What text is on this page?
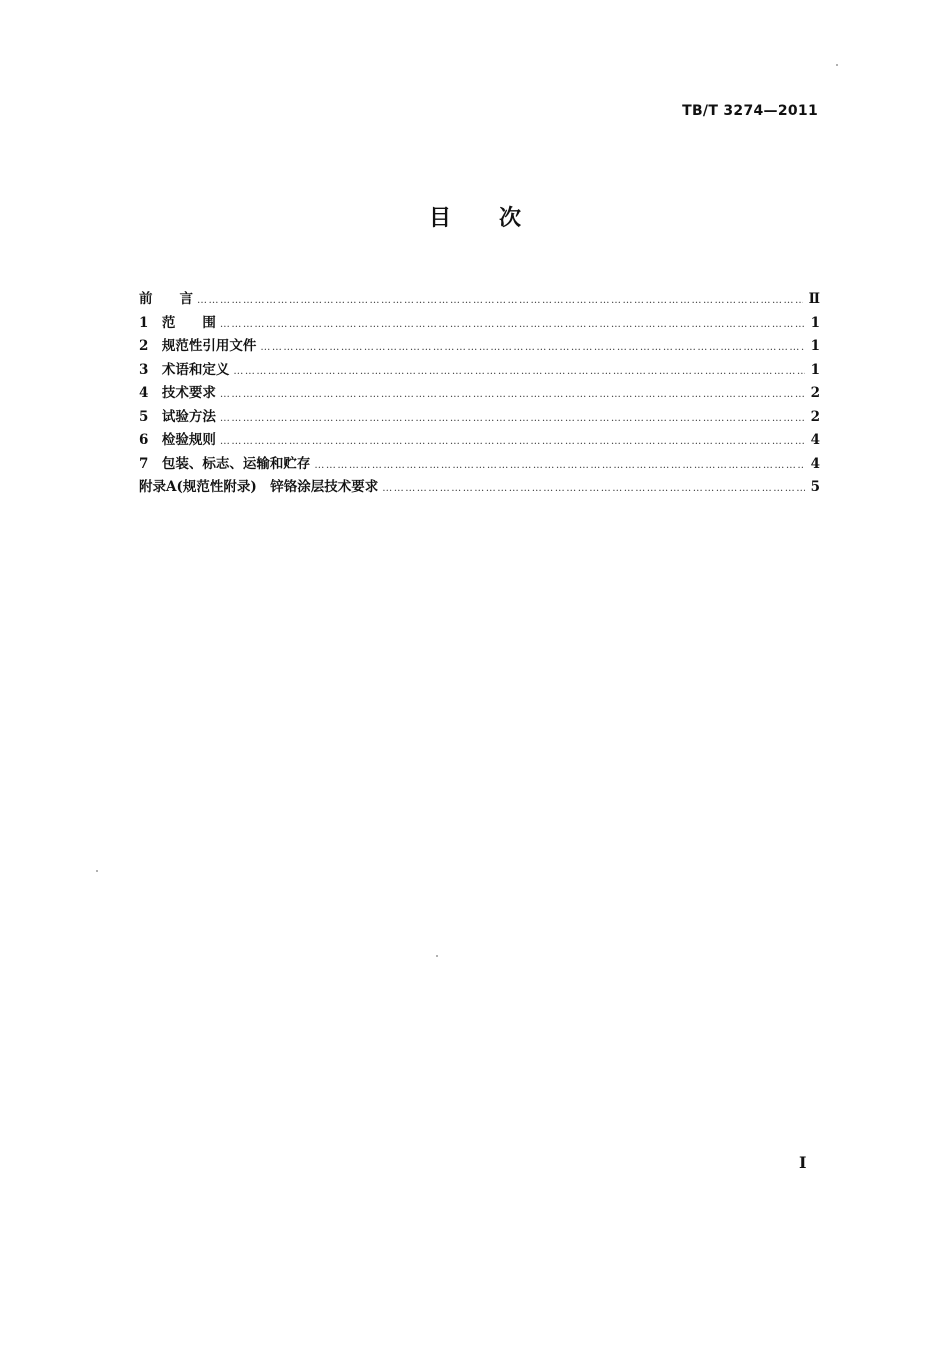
TB/T 3274—2011
目次
前　　言 …………………………………………………………………………………………………………………………………………………………………………………………	Ⅱ
1　范　　围 …………………………………………………………………………………………………………………………………………………………………………………………	1
2　规范性引用文件 …………………………………………………………………………………………………………………………………………………………………………………………	1
3　术语和定义 …………………………………………………………………………………………………………………………………………………………………………………………	1
4　技术要求 …………………………………………………………………………………………………………………………………………………………………………………………	2
5　试验方法 …………………………………………………………………………………………………………………………………………………………………………………………	2
6　检验规则 …………………………………………………………………………………………………………………………………………………………………………………………	4
7　包装、标志、运输和贮存 …………………………………………………………………………………………………………………………………………………………………………………………	4
附录A(规范性附录)　锌铬涂层技术要求 …………………………………………………………………………………………………………………………………………………………………………………………	5
I
